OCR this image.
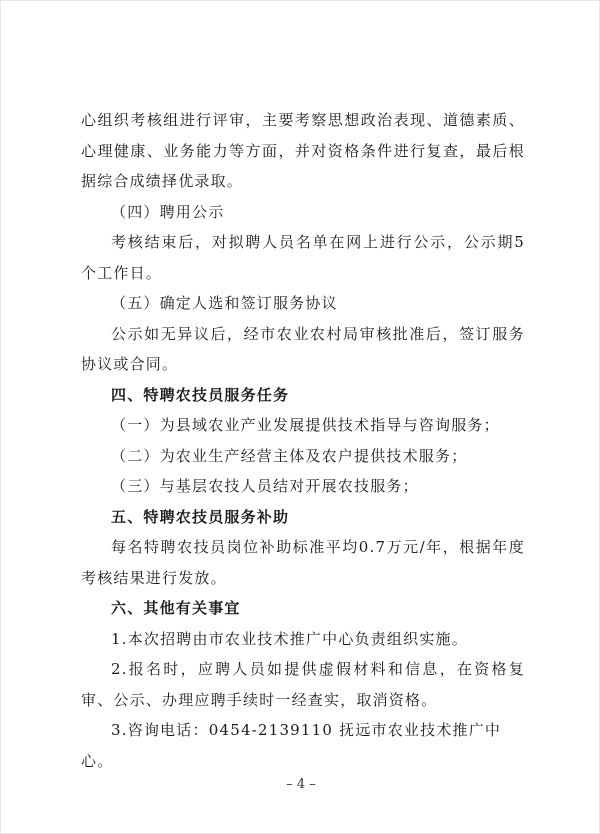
心组织考核组进行评审，主要考察思想政治表现、道德素质、心理健康、业务能力等方面，并对资格条件进行复查，最后根据综合成绩择优录取。

（四）聘用公示

考核结束后，对拟聘人员名单在网上进行公示，公示期5个工作日。

（五）确定人选和签订服务协议

公示如无异议后，经市农业农村局审核批准后，签订服务协议或合同。

四、特聘农技员服务任务

（一）为县域农业产业发展提供技术指导与咨询服务；

（二）为农业生产经营主体及农户提供技术服务；

（三）与基层农技人员结对开展农技服务；

五、特聘农技员服务补助

每名特聘农技员岗位补助标准平均0.7万元/年，根据年度考核结果进行发放。

六、其他有关事宜

1.本次招聘由市农业技术推广中心负责组织实施。

2.报名时，应聘人员如提供虚假材料和信息，在资格复审、公示、办理应聘手续时一经查实，取消资格。

3.咨询电话：0454-2139110 抚远市农业技术推广中心。

– 4 –
